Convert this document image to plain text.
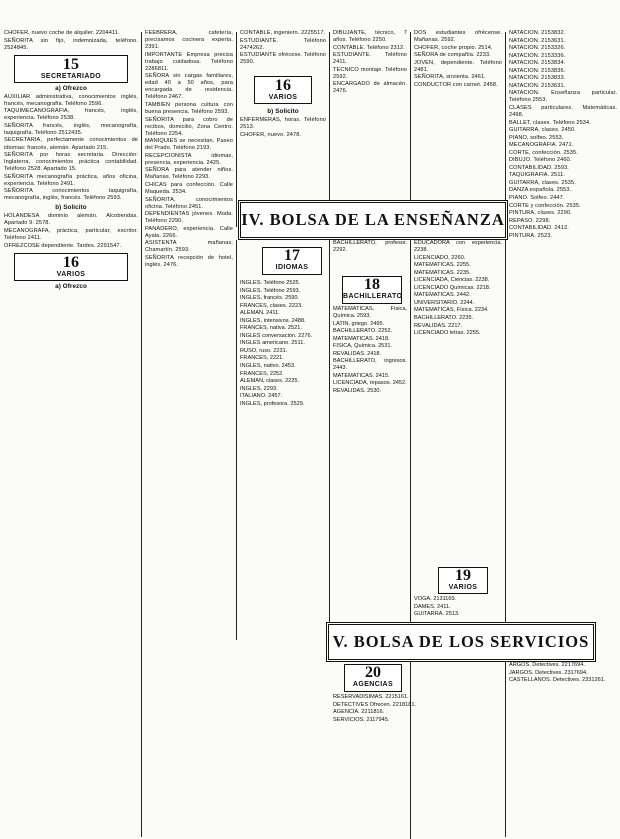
CHOFER, nuevo coche de alquiler. 2204411.

SEÑORITA sin fijo, indemnizada, teléfono. 2524845.

15
SECRETARIADO
a) Ofrezco

AUXILIAR administrativa, conocimientos inglés, francés, mecanografía. Teléfono 2596.

TAQUIMECANOGRAFIA, francés, inglés, experiencia. Teléfono 2538.

SEÑORITA francés, inglés, mecanografía, taquigrafía. Teléfono 2512435.

SECRETARIA, perfectamente conocimientos de idiomas: francés, alemán. Apartado 215.

SEÑORITA por horas secretaria. Dirección: Inglaterra, conocimientos práctica contabilidad. Teléfono 2528. Apartado 15.

SEÑORITA mecanografía práctica, años oficina, experiencia. Teléfono 2491.

SEÑORITA conocimientos taquigrafía, mecanografía, inglés, francés. Teléfono 2593.

b) Solicito

HOLANDESA dominio alemán. Alcobendas. Apartado 9. 2578.

MECANOGRAFA, práctica, particular, escritor. Teléfono 2411.

OFREZCOSE dependiente. Tardes. 2291547.

16
VARIOS
a) Ofrezco

FEEBRERA, cafetería, precisamos cocinera experta. 2391.

IMPORTANTE Empresa precisa trabajo cuidadosa. Teléfono 2286811.

SEÑORA sin cargas familiares, edad 40 a 50 años, para encargada de residencia. Teléfono 2467.

TAMBIEN persona cultura con buena presencia. Teléfono 2593.

SEÑORITA para cobro de recibos, domicilio, Zona Centro. Teléfono 2254.

MANIQUIES se necesitan. Paseo del Prado. Teléfono 2193.

RECEPCIONISTA idiomas, presencia, experiencia. 2425.

SEÑORA para atender niños. Mañanas. Teléfono 2293.

CHICAS para confección. Calle Maqueda. 2534.

SEÑORITA, conocimientos oficina. Teléfono 2451.

DEPENDIENTAS jóvenes. Moda. Teléfono 2290.

PANADERO, experiencia. Calle Ayala. 2266.

ASISTENTA mañanas. Chamartín. 2593.

SEÑORITA recepción de hotel, inglés. 2476.

CONTABLE, ingeniero. 2225517.

ESTUDIANTE. Teléfono 2474262.

ESTUDIANTE ofrécese. Teléfono 2590.

16
VARIOS
b) Solicito

ENFERMERAS, horas. Teléfono 2513.

CHOFER, nuevo. 2478.

DIBUJANTE, técnico, 7 años. Teléfono 2250.

CONTABLE. Teléfono 2312.

ESTUDIANTE. Teléfono 2411.

TECNICO montaje. Teléfono 2592.

ENCARGADO de almacén. 2476.

DOS estudiantes ofrécense. Mañanas. 2592.

CHOFER, coche propio. 2514.

SEÑORA de compañía. 2233.

JOVEN, dependiente. Teléfono 2481.

SEÑORITA, sirvienta. 2461.

CONDUCTOR con carnet. 2458.

NATACION. 2153832.

NATACION. 2153631.

NATACION. 2153326.

NATACION. 2153336.

NATACION. 2153834.

NATACION. 2153836.

NATACION. 2153833.

NATACION. 2153631.

NATACION. Enseñanza particular. Teléfono 2553.

CLASES particulares. Matemáticas. 2498.

BALLET, clases. Teléfono 2534.

GUITARRA, clases. 2450.

PIANO, solfeo. 2553.

MECANOGRAFIA. 2471.

CORTE, confección. 2535.

DIBUJO. Teléfono 2460.

CONTABILIDAD. 2593.

TAQUIGRAFIA. 2511.

GUITARRA, clases. 2535.

DANZA española. 2553.

PIANO. Solfeo. 2447.

CORTE y confección. 2535.

PINTURA, clases. 2290.

REPASO. 2298.

CONTABILIDAD. 2412.

PINTURA. 2523.

IV. BOLSA DE LA ENSEÑANZA
17
IDIOMAS

INGLES. Teléfono 2525.

INGLES. Teléfono 2593.

INGLES, francés. 2590.

FRANCES, clases. 2223.

ALEMAN. 2411.

INGLES, intensivos. 2488.

FRANCES, nativa. 2521.

INGLES conversación. 2276.

INGLES americano. 2511.

RUSO, ruso. 2231.

FRANCES, 2221.

INGLES, nativo. 2453.

FRANCES, 2252.

ALEMAN, clases. 2225.

INGLES, 2293.

ITALIANO. 2457.

INGLES, profesora. 2529.

18
BACHILLERATO

BACHILLERATO, profesor. 2292.

MATEMATICAS, Física, Química. 2593.

LATIN, griego. 2495.

BACHILLERATO. 2252.

MATEMATICAS. 2418.

FISICA, Química. 2531.

REVALIDAS. 2418.

BACHILLERATO, ingresos. 2443.

MATEMATICAS. 2415.

LICENCIADA, repasos. 2452.

REVALIDAS. 2530.

EDUCADORA con experiencia. 2238.

LICENCIADO, 2260.

MATEMATICAS. 2255.

MATEMATICAS. 2235.

LICENCIADA, Ciencias. 2238.

LICENCIADO Químicas. 2218.

MATEMATICAS. 2442.

UNIVERSITARIO. 2244.

MATEMATICAS, Física. 2234.

BACHILLERATO. 2235.

REVALIDAS. 2217.

LICENCIADO letras. 2255.

19
VARIOS

VOGA. 2131169.

DAMES. 2411.

GUITARRA. 2513.

V. BOLSA DE LOS SERVICIOS
20
AGENCIAS

RESERVADISIMAS. 2215161.

DETECTIVES Ofrecen. 2218181.

AGENCIA. 2211816.

SERVICIOS. 2117945.

ARGOS. Detectives. 2217694.

JARGOS. Detectives. 2317694.

CASTELLANOS. Detectives. 2331261.
